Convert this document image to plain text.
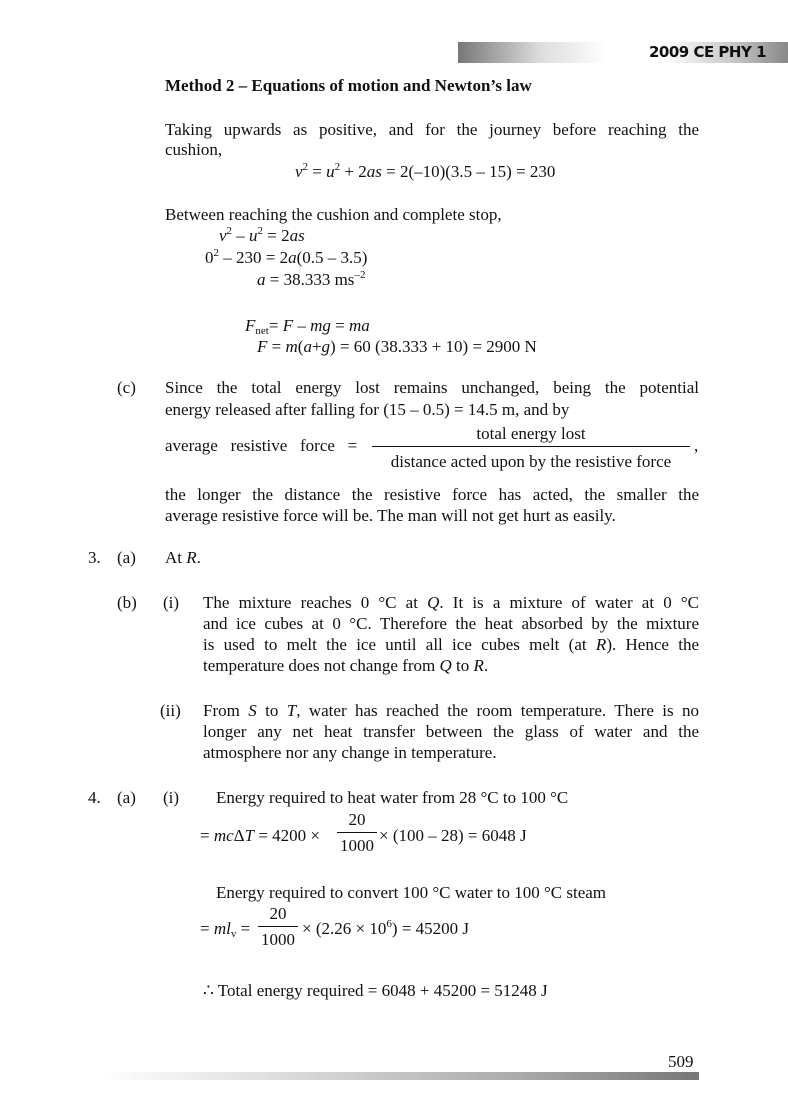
2009 CE PHY 1
Method 2 – Equations of motion and Newton’s law
Taking upwards as positive, and for the journey before reaching the
cushion,
$v^2 = u^2 + 2as = 2(-10)(3.5 - 15) = 230$
Between reaching the cushion and complete stop,
$v^2 - u^2 = 2as$
$0^2 - 230 = 2a(0.5 - 3.5)$
a = 38.333 $ms^{-2}$
$F_{net}= F$ – mg = ma
F = m(a+g) = 60 (38.333 + 10) = 2900 N
(c) Since the total energy lost remains unchanged, being the potential
energy released after falling for (15 – 0.5) = 14.5 m, and by
average   resistive   force   =
total energy lost
distance acted upon by the resistive force
,
the longer the distance the resistive force has acted, the smaller the
average resistive force will be. The man will not get hurt as easily.
3. (a) At R.
(b) (i) The mixture reaches 0 °C at Q. It is a mixture of water at 0 °C
and ice cubes at 0 °C. Therefore the heat absorbed by the mixture
is used to melt the ice until all ice cubes melt (at R). Hence the
temperature does not change from Q to R.
(ii) From S to T, water has reached the room temperature. There is no
longer any net heat transfer between the glass of water and the
atmosphere nor any change in temperature.
4. (a) (i) Energy required to heat water from 28 °C to 100 °C
= mcΔT = 4200 ×
20
1000
× (100 – 28) = 6048 J
Energy required to convert 100 °C water to 100 °C steam
= $ml_v$ =
20
1000
× $(2.26 \times 10^6) = 45200$ J
∴ Total energy required = 6048 + 45200 = 51248 J
509
